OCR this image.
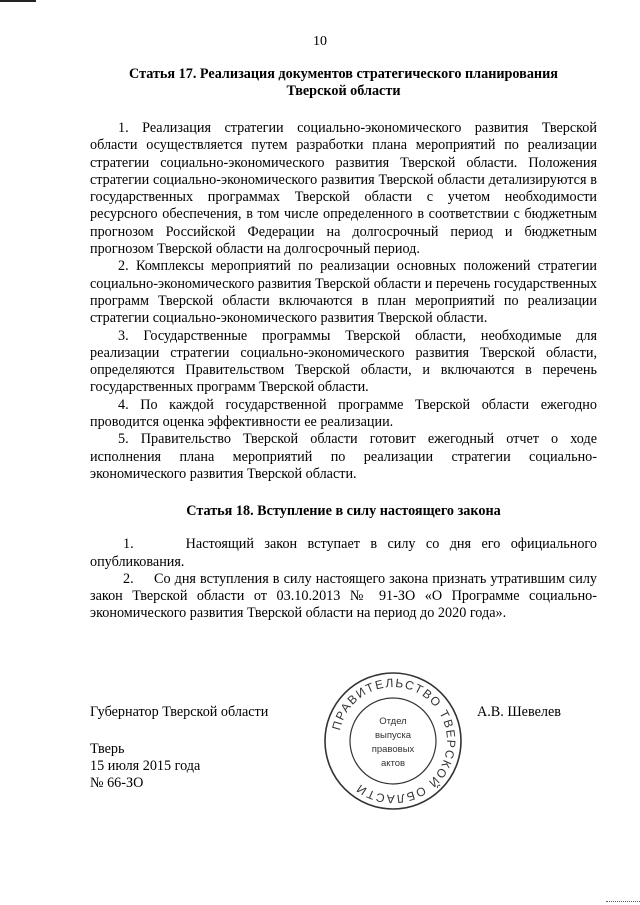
10

Статья 17. Реализация документов стратегического планирования

Тверской области

1. Реализация стратегии социально-экономического развития Тверской области осуществляется путем разработки плана мероприятий по реализации стратегии социально-экономического развития Тверской области. Положения стратегии социально-экономического развития Тверской области детализируются в государственных программах Тверской области с учетом необходимости ресурсного обеспечения, в том числе определенного в соответствии с бюджетным прогнозом Российской Федерации на долгосрочный период и бюджетным прогнозом Тверской области на долгосрочный период.

2. Комплексы мероприятий по реализации основных положений стратегии социально-экономического развития Тверской области и перечень государственных программ Тверской области включаются в план мероприятий по реализации стратегии социально-экономического развития Тверской области.

3. Государственные программы Тверской области, необходимые для реализации стратегии социально-экономического развития Тверской области, определяются Правительством Тверской области, и включаются в перечень государственных программ Тверской области.

4. По каждой государственной программе Тверской области ежегодно проводится оценка эффективности ее реализации.

5. Правительство Тверской области готовит ежегодный отчет о ходе исполнения плана мероприятий по реализации стратегии социально-экономического развития Тверской области.

Статья 18. Вступление в силу настоящего закона

1.     Настоящий закон вступает в силу со дня его официального опубликования.

2.     Со дня вступления в силу настоящего закона признать утратившим силу закон Тверской области от 03.10.2013 № 91-ЗО «О Программе социально-экономического развития Тверской области на период до 2020 года».

Губернатор Тверской области	А.В. Шевелев
Тверь
15 июля 2015 года
№ 66-ЗО
ПРАВИТЕЛЬСТВО ТВЕРСКОЙ ОБЛАСТИ
Отдел
выпуска
правовых
актов
